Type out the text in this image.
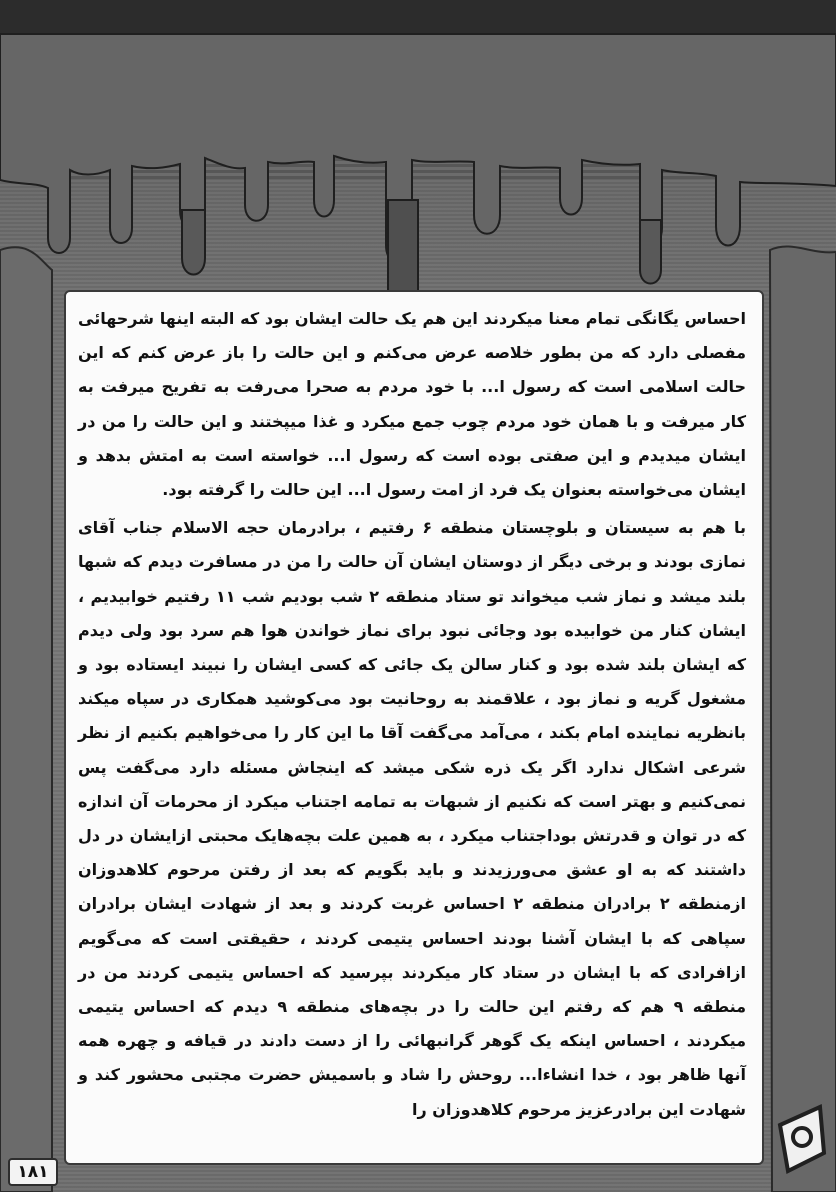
احساس یگانگی تمام معنا میکردند این هم یک حالت ایشان بود که البته اینها شرحهائی مفصلی دارد که من بطور خلاصه عرض می‌کنم و این حالت را باز عرض کنم که این حالت اسلامی است که رسول ا... با خود مردم به صحرا می‌رفت به تفریح میرفت به کار میرفت و با همان خود مردم چوب جمع میکرد و غذا میپختند و این حالت را من در ایشان میدیدم و این صفتی بوده است که رسول ا... خواسته است به امتش بدهد و ایشان می‌خواسته بعنوان یک فرد از امت رسول ا... این حالت را گرفته بود.

با هم به سیستان و بلوچستان منطقه ۶ رفتیم ، برادرمان حجه الاسلام جناب آقای نمازی بودند و برخی دیگر از دوستان ایشان آن حالت را من در مسافرت دیدم که شبها بلند میشد و نماز شب میخواند تو ستاد منطقه ۲ شب بودیم شب ۱۱ رفتیم خوابیدیم ، ایشان کنار من خوابیده بود وجائی نبود برای نماز خواندن هوا هم سرد بود ولی دیدم که ایشان بلند شده بود و کنار سالن یک جائی که کسی ایشان را نبیند ایستاده بود و مشغول گریه و نماز بود ، علاقمند به روحانیت بود می‌کوشید همکاری در سپاه میکند بانظریه نماینده امام بکند ، می‌آمد می‌گفت آقا ما این کار را می‌خواهیم بکنیم از نظر شرعی اشکال ندارد اگر یک ذره شکی میشد که اینجاش مسئله دارد می‌گفت پس نمی‌کنیم و بهتر است که نکنیم از شبهات به تمامه اجتناب میکرد از محرمات آن اندازه که در توان و قدرتش بوداجتناب میکرد ، به همین علت بچه‌هایک محبتی ازایشان در دل داشتند که به او عشق می‌ورزیدند و باید بگویم که بعد از رفتن مرحوم کلاهدوزان ازمنطقه ۲ برادران منطقه ۲ احساس غربت کردند و بعد از شهادت ایشان برادران سپاهی که با ایشان آشنا بودند احساس یتیمی کردند ، حقیقتی است که می‌گویم ازافرادی که با ایشان در ستاد کار میکردند بپرسید که احساس یتیمی کردند من در منطقه ۹ هم که رفتم این حالت را در بچه‌های منطقه ۹ دیدم که احساس یتیمی میکردند ، احساس اینکه یک گوهر گرانبهائی را از دست دادند در قیافه و چهره همه آنها ظاهر بود ، خدا انشاءا... روحش را شاد و باسمیش حضرت مجتبی محشور کند و شهادت این برادرعزیز مرحوم کلاهدوزان را

۱۸۱
